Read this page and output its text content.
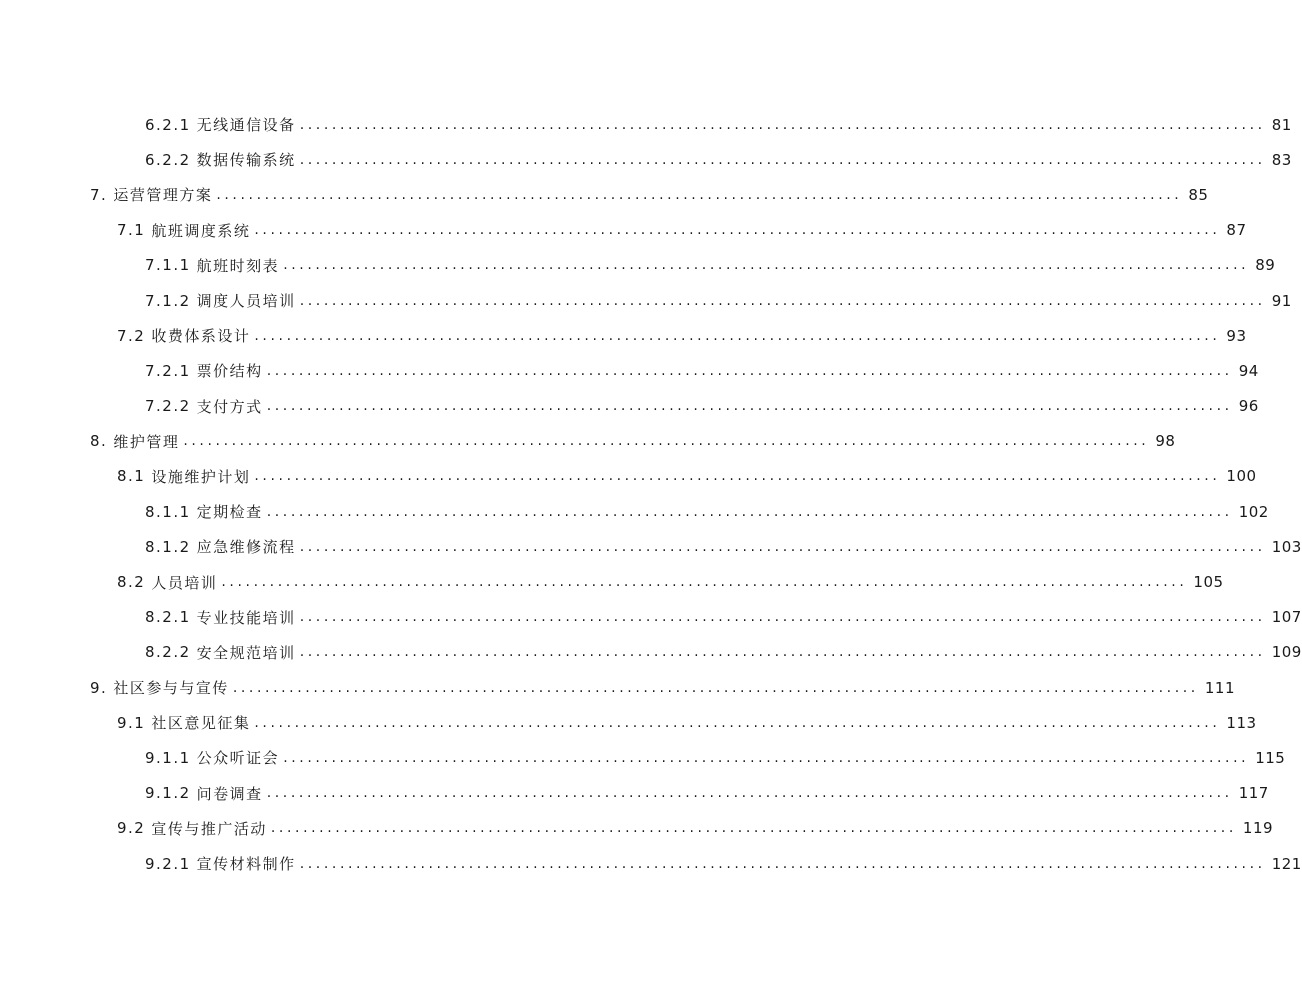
6.2.1 无线通信设备 ........................................................................................................................ 81
6.2.2 数据传输系统 ........................................................................................................................ 83
7. 运营管理方案 ........................................................................................................................ 85
7.1 航班调度系统 ........................................................................................................................ 87
7.1.1 航班时刻表 ........................................................................................................................ 89
7.1.2 调度人员培训 ........................................................................................................................ 91
7.2 收费体系设计 ........................................................................................................................ 93
7.2.1 票价结构 ........................................................................................................................ 94
7.2.2 支付方式 ........................................................................................................................ 96
8. 维护管理 ........................................................................................................................ 98
8.1 设施维护计划 ........................................................................................................................ 100
8.1.1 定期检查 ........................................................................................................................ 102
8.1.2 应急维修流程 ........................................................................................................................ 103
8.2 人员培训 ........................................................................................................................ 105
8.2.1 专业技能培训 ........................................................................................................................ 107
8.2.2 安全规范培训 ........................................................................................................................ 109
9. 社区参与与宣传 ........................................................................................................................ 111
9.1 社区意见征集 ........................................................................................................................ 113
9.1.1 公众听证会 ........................................................................................................................ 115
9.1.2 问卷调查 ........................................................................................................................ 117
9.2 宣传与推广活动 ........................................................................................................................ 119
9.2.1 宣传材料制作 ........................................................................................................................ 121
